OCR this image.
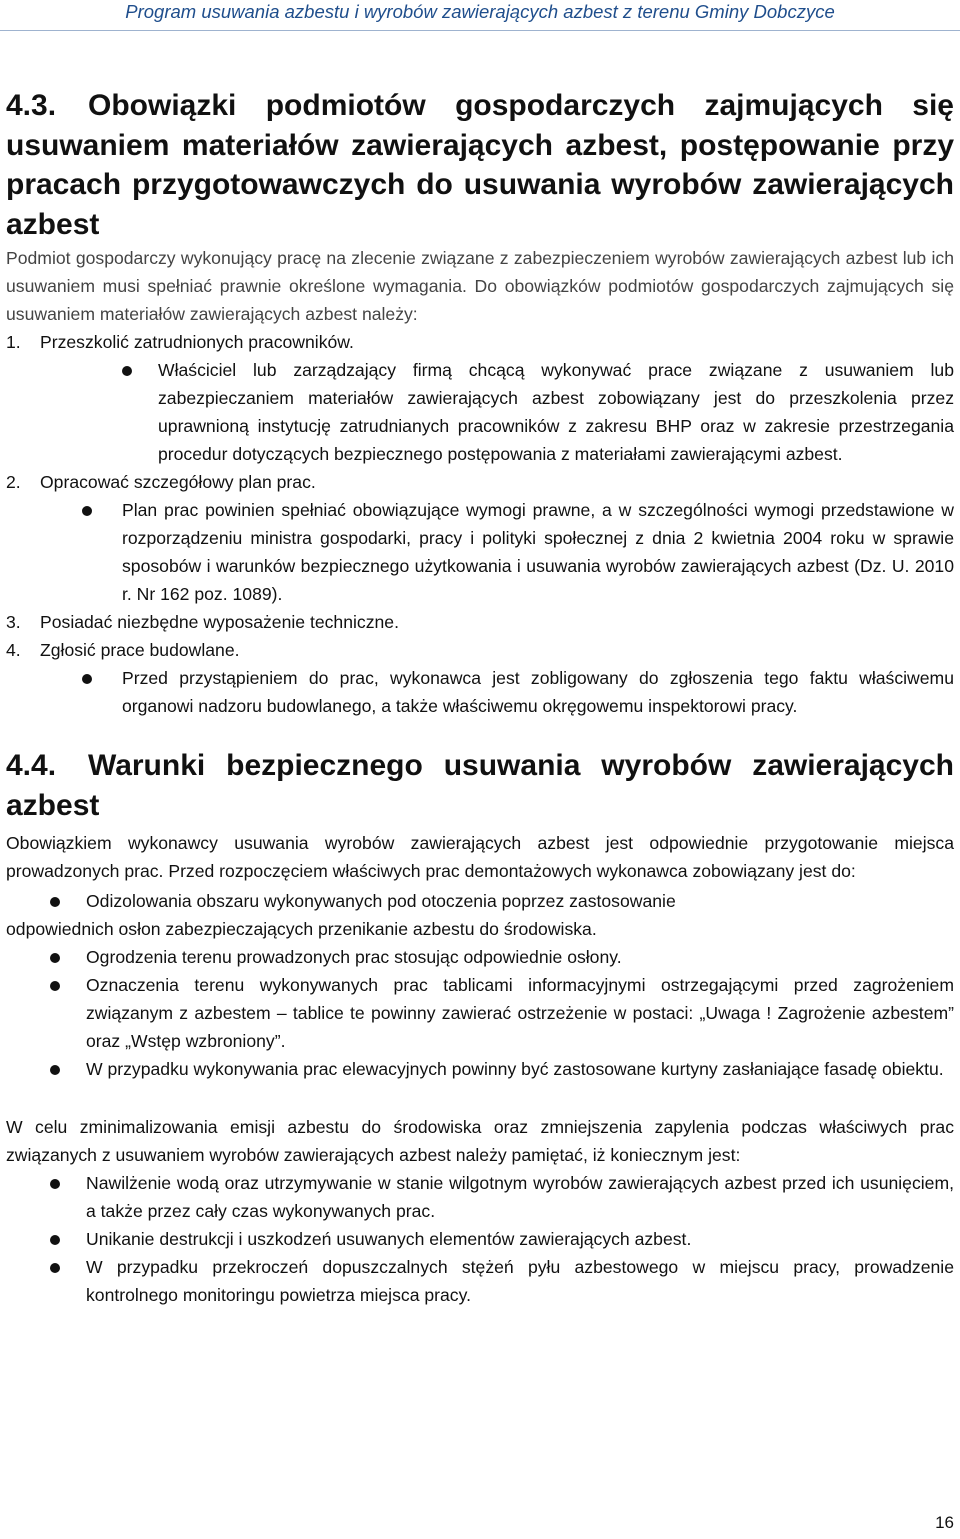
Program usuwania azbestu i wyrobów zawierających azbest z terenu Gminy Dobczyce
4.3. Obowiązki podmiotów gospodarczych zajmujących się usuwaniem materiałów zawierających azbest, postępowanie przy pracach przygotowawczych do usuwania wyrobów zawierających azbest

Podmiot gospodarczy wykonujący pracę na zlecenie związane z zabezpieczeniem wyrobów zawierających azbest lub ich usuwaniem musi spełniać prawnie określone wymagania. Do obowiązków podmiotów gospodarczych zajmujących się usuwaniem materiałów zawierających azbest należy:

1.	Przeszkolić zatrudnionych pracowników.
Właściciel lub zarządzający firmą chcącą wykonywać prace związane z usuwaniem lub zabezpieczaniem materiałów zawierających azbest zobowiązany jest do przeszkolenia przez uprawnioną instytucję zatrudnianych pracowników z zakresu BHP oraz w zakresie przestrzegania procedur dotyczących bezpiecznego postępowania z materiałami zawierającymi azbest.
2.	Opracować szczegółowy plan prac.
Plan prac powinien spełniać obowiązujące wymogi prawne, a w szczególności wymogi przedstawione w rozporządzeniu ministra gospodarki, pracy i polityki społecznej z dnia 2 kwietnia 2004 roku w sprawie sposobów i warunków bezpiecznego użytkowania i usuwania wyrobów zawierających azbest (Dz. U. 2010 r. Nr 162 poz. 1089).
3.	Posiadać niezbędne wyposażenie techniczne.
4.	Zgłosić prace budowlane.
Przed przystąpieniem do prac, wykonawca jest zobligowany do zgłoszenia tego faktu właściwemu organowi nadzoru budowlanego, a także właściwemu okręgowemu inspektorowi pracy.
4.4. Warunki bezpiecznego usuwania wyrobów zawierających azbest

Obowiązkiem wykonawcy usuwania wyrobów zawierających azbest jest odpowiednie przygotowanie miejsca prowadzonych prac. Przed rozpoczęciem właściwych prac demontażowych wykonawca zobowiązany jest do:

Odizolowania obszaru wykonywanych pod otoczenia poprzez zastosowanie

odpowiednich osłon zabezpieczających przenikanie azbestu do środowiska.

Ogrodzenia terenu prowadzonych prac stosując odpowiednie osłony.
Oznaczenia terenu wykonywanych prac tablicami informacyjnymi ostrzegającymi przed zagrożeniem związanym z azbestem – tablice te powinny zawierać ostrzeżenie w postaci: „Uwaga ! Zagrożenie azbestem” oraz „Wstęp wzbroniony”.
W przypadku wykonywania prac elewacyjnych powinny być zastosowane kurtyny zasłaniające fasadę obiektu.

W celu zminimalizowania emisji azbestu do środowiska oraz zmniejszenia zapylenia podczas właściwych prac związanych z usuwaniem wyrobów zawierających azbest należy pamiętać, iż koniecznym jest:

Nawilżenie wodą oraz utrzymywanie w stanie wilgotnym wyrobów zawierających azbest przed ich usunięciem, a także przez cały czas wykonywanych prac.
Unikanie destrukcji i uszkodzeń usuwanych elementów zawierających azbest.
W przypadku przekroczeń dopuszczalnych stężeń pyłu azbestowego w miejscu pracy, prowadzenie kontrolnego monitoringu powietrza miejsca pracy.
16
